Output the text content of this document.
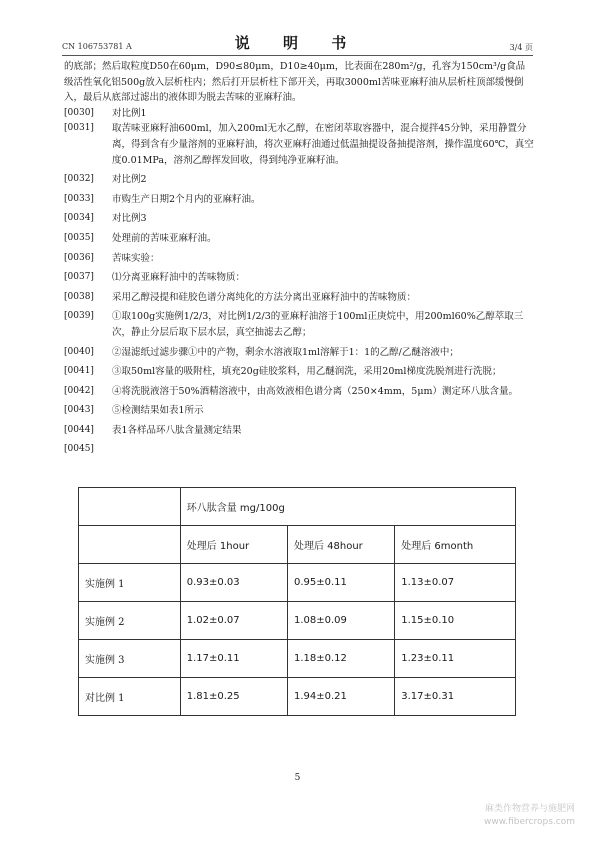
CN 106753781 A	说 明 书	3/4 页
的底部；然后取粒度D50在60μm，D90≤80μm，D10≥40μm，比表面在280m²/g，孔容为150cm³/g食品级活性氧化铝500g放入层析柱内；然后打开层析柱下部开关，再取3000ml苦味亚麻籽油从层析柱顶部缓慢倒入，最后从底部过滤出的液体即为脱去苦味的亚麻籽油。
[0030]	对比例1
[0031]	取苦味亚麻籽油600ml，加入200ml无水乙醇，在密闭萃取容器中，混合搅拌45分钟，采用静置分离，得到含有少量溶剂的亚麻籽油，将次亚麻籽油通过低温抽提设备抽提溶剂，操作温度60℃，真空度0.01MPa，溶剂乙醇挥发回收，得到纯净亚麻籽油。
[0032]	对比例2
[0033]	市购生产日期2个月内的亚麻籽油。
[0034]	对比例3
[0035]	处理前的苦味亚麻籽油。
[0036]	苦味实验：
[0037]	⑴分离亚麻籽油中的苦味物质：
[0038]	采用乙醇浸提和硅胶色谱分离纯化的方法分离出亚麻籽油中的苦味物质：
[0039]	①取100g实施例1/2/3，对比例1/2/3的亚麻籽油溶于100ml正庚烷中，用200ml60%乙醇萃取三次，静止分层后取下层水层，真空抽滤去乙醇；
[0040]	②湿滤纸过滤步骤①中的产物，剩余水溶液取1ml溶解于1：1的乙醇/乙醚溶液中；
[0041]	③取50ml容量的吸附柱，填充20g硅胶浆料，用乙醚润洗，采用20ml梯度洗脱剂进行洗脱；
[0042]	④将洗脱液溶于50%酒精溶液中，由高效液相色谱分离（250×4mm，5μm）测定环八肽含量。
[0043]	⑤检测结果如表1所示
[0044]	表1各样品环八肽含量测定结果
[0045]
	环八肽含量 mg/100g		
	处理后 1hour	处理后 48hour	处理后 6month
实施例 1	0.93±0.03	0.95±0.11	1.13±0.07
实施例 2	1.02±0.07	1.08±0.09	1.15±0.10
实施例 3	1.17±0.11	1.18±0.12	1.23±0.11
对比例 1	1.81±0.25	1.94±0.21	3.17±0.31
5
麻类作物营养与施肥网
www.fibercrops.com
